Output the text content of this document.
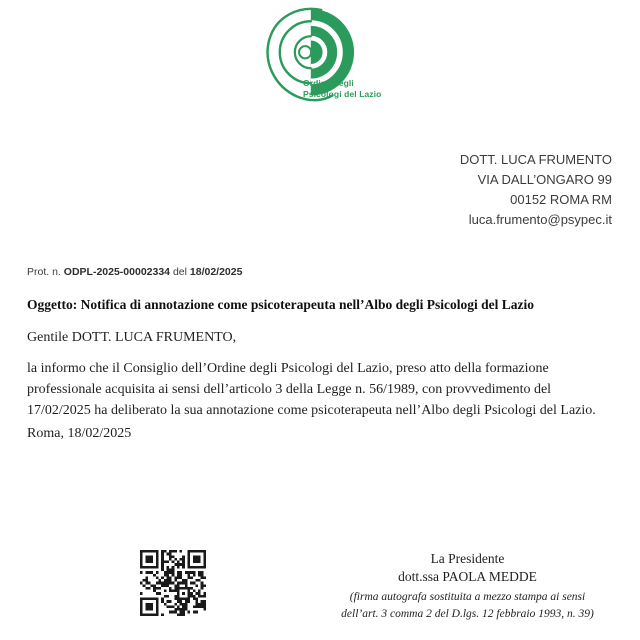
Ordine degli
Psicologi del Lazio
DOTT. LUCA FRUMENTO
VIA DALL’ONGARO 99
00152 ROMA RM
luca.frumento@psypec.it
Prot. n. ODPL-2025-00002334 del 18/02/2025
Oggetto: Notifica di annotazione come psicoterapeuta nell’Albo degli Psicologi del Lazio
Gentile DOTT. LUCA FRUMENTO,
la informo che il Consiglio dell’Ordine degli Psicologi del Lazio, preso atto della formazione professionale acquisita ai sensi dell’articolo 3 della Legge n. 56/1989, con provvedimento del 17/02/2025 ha deliberato la sua annotazione come psicoterapeuta nell’Albo degli Psicologi del Lazio.
Roma, 18/02/2025
La Presidente
dott.ssa PAOLA MEDDE
(firma autografa sostituita a mezzo stampa ai sensi
dell’art. 3 comma 2 del D.lgs. 12 febbraio 1993, n. 39)
